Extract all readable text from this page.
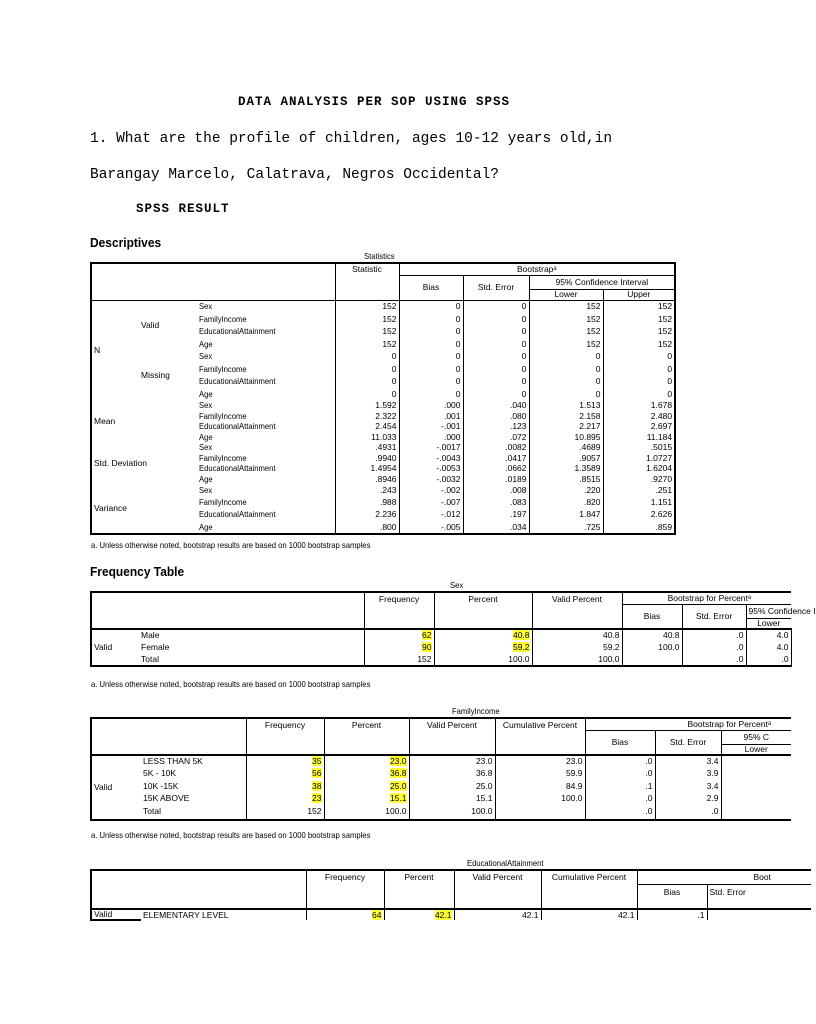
DATA ANALYSIS PER SOP USING SPSS
1. What are the profile of children, ages 10-12 years old,in
Barangay Marcelo, Calatrava, Negros Occidental?
SPSS RESULT
Descriptives
Statistics
			Statistic	Bootstrapᵃ			
				Bias	Std. Error	95% Confidence Interval	
						Lower	Upper
N	Valid	Sex	152	0	0	152	152
		FamilyIncome	152	0	0	152	152
		EducationalAttainment	152	0	0	152	152
		Age	152	0	0	152	152
	Missing	Sex	0	0	0	0	0
		FamilyIncome	0	0	0	0	0
		EducationalAttainment	0	0	0	0	0
		Age	0	0	0	0	0
Mean		Sex	1.592	.000	.040	1.513	1.678
		FamilyIncome	2.322	.001	.080	2.158	2.480
		EducationalAttainment	2.454	-.001	.123	2.217	2.697
		Age	11.033	.000	.072	10.895	11.184
Std. Deviation		Sex	.4931	-.0017	.0082	.4689	.5015
		FamilyIncome	.9940	-.0043	.0417	.9057	1.0727
		EducationalAttainment	1.4954	-.0053	.0662	1.3589	1.6204
		Age	.8946	-.0032	.0189	.8515	.9270
Variance		Sex	.243	-.002	.008	.220	.251
		FamilyIncome	.988	-.007	.083	.820	1.151
		EducationalAttainment	2.236	-.012	.197	1.847	2.626
		Age	.800	-.005	.034	.725	.859
a. Unless otherwise noted, bootstrap results are based on 1000 bootstrap samples
Frequency Table
Sex
		Frequency	Percent	Valid Percent	Bootstrap for Percentᵃ			
					Bias	Std. Error	95% Confidence I	
							Lower	
Valid	Male	62	40.8	40.8	40.8	.0	4.0	
	Female	90	59.2	59.2	100.0	.0	4.0	
	Total	152	100.0	100.0		.0	.0	
a. Unless otherwise noted, bootstrap results are based on 1000 bootstrap samples
FamilyIncome
		Frequency	Percent	Valid Percent	Cumulative Percent	Bootstrap for Percentᵃ		
						Bias	Std. Error	95% C
								Lower
Valid	LESS THAN 5K	35	23.0	23.0	23.0	.0	3.4	
	5K - 10K	56	36.8	36.8	59.9	.0	3.9	
	10K -15K	38	25.0	25.0	84.9	.1	3.4	
	15K ABOVE	23	15.1	15.1	100.0	.0	2.9	
	Total	152	100.0	100.0		.0	.0	
a. Unless otherwise noted, bootstrap results are based on 1000 bootstrap samples
EducationalAttainment
		Frequency	Percent	Valid Percent	Cumulative Percent	Boot	
						Bias	Std. Error
Valid	ELEMENTARY LEVEL	64	42.1	42.1	42.1	.1	
